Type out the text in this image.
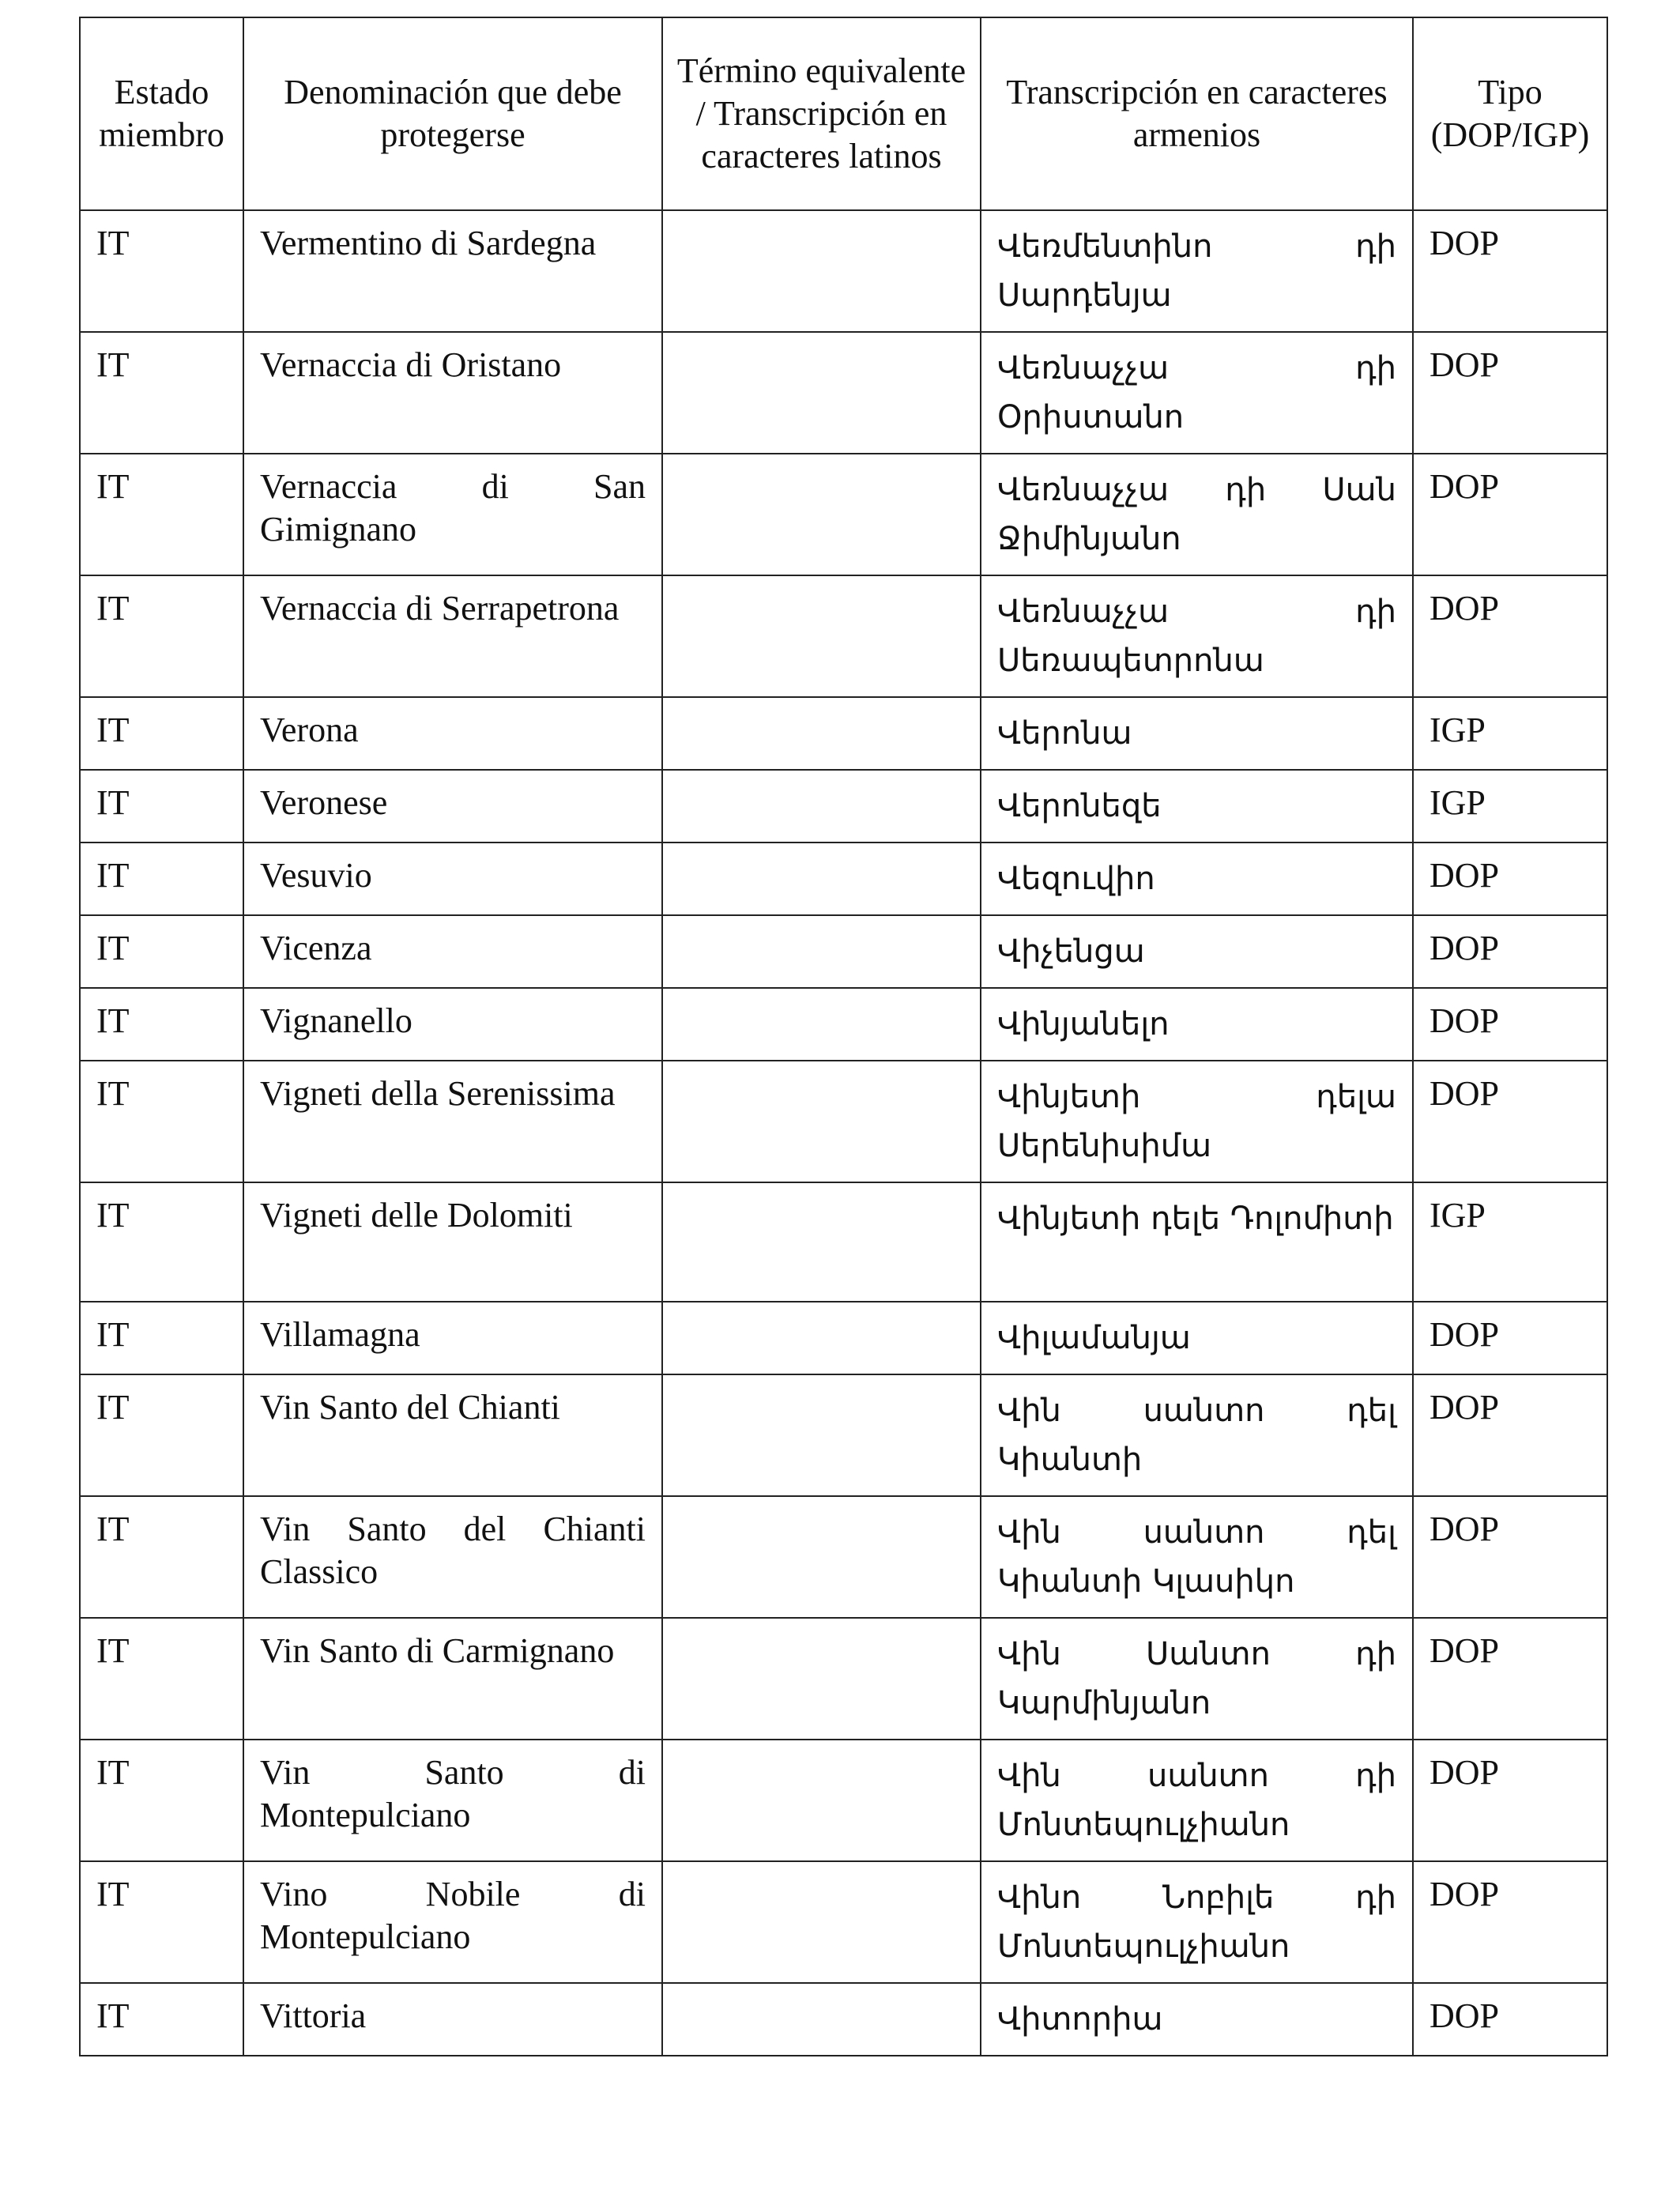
Estado miembro	Denominación que debe protegerse	Término equivalente / Transcripción en caracteres latinos	Transcripción en caracteres armenios	Tipo (DOP/IGP)
IT	Vermentino di Sardegna		Վեռմենտինո դի Սարդենյա	DOP
IT	Vernaccia di Oristano		Վեռնաչչա դի Օրիստանո	DOP
IT	Vernaccia di San Gimignano		Վեռնաչչա դի Սան Ջիմինյանո	DOP
IT	Vernaccia di Serrapetrona		Վեռնաչչա դի Սեռապետրոնա	DOP
IT	Verona		Վերոնա	IGP
IT	Veronese		Վերոնեզե	IGP
IT	Vesuvio		Վեզուվիո	DOP
IT	Vicenza		Վիչենցա	DOP
IT	Vignanello		Վինյանելո	DOP
IT	Vigneti della Serenissima		Վինյետի դելա Սերենիսիմա	DOP
IT	Vigneti delle Dolomiti		Վինյետի դելե Դոլոմիտի	IGP
IT	Villamagna		Վիլամանյա	DOP
IT	Vin Santo del Chianti		Վին սանտո դել Կիանտի	DOP
IT	Vin Santo del Chianti Classico		Վին սանտո դել Կիանտի Կլասիկո	DOP
IT	Vin Santo di Carmignano		Վին Սանտո դի Կարմինյանո	DOP
IT	Vin Santo di Montepulciano		Վին սանտո դի Մոնտեպուլչիանո	DOP
IT	Vino Nobile di Montepulciano		Վինո Նոբիլե դի Մոնտեպուլչիանո	DOP
IT	Vittoria		Վիտորիա	DOP
